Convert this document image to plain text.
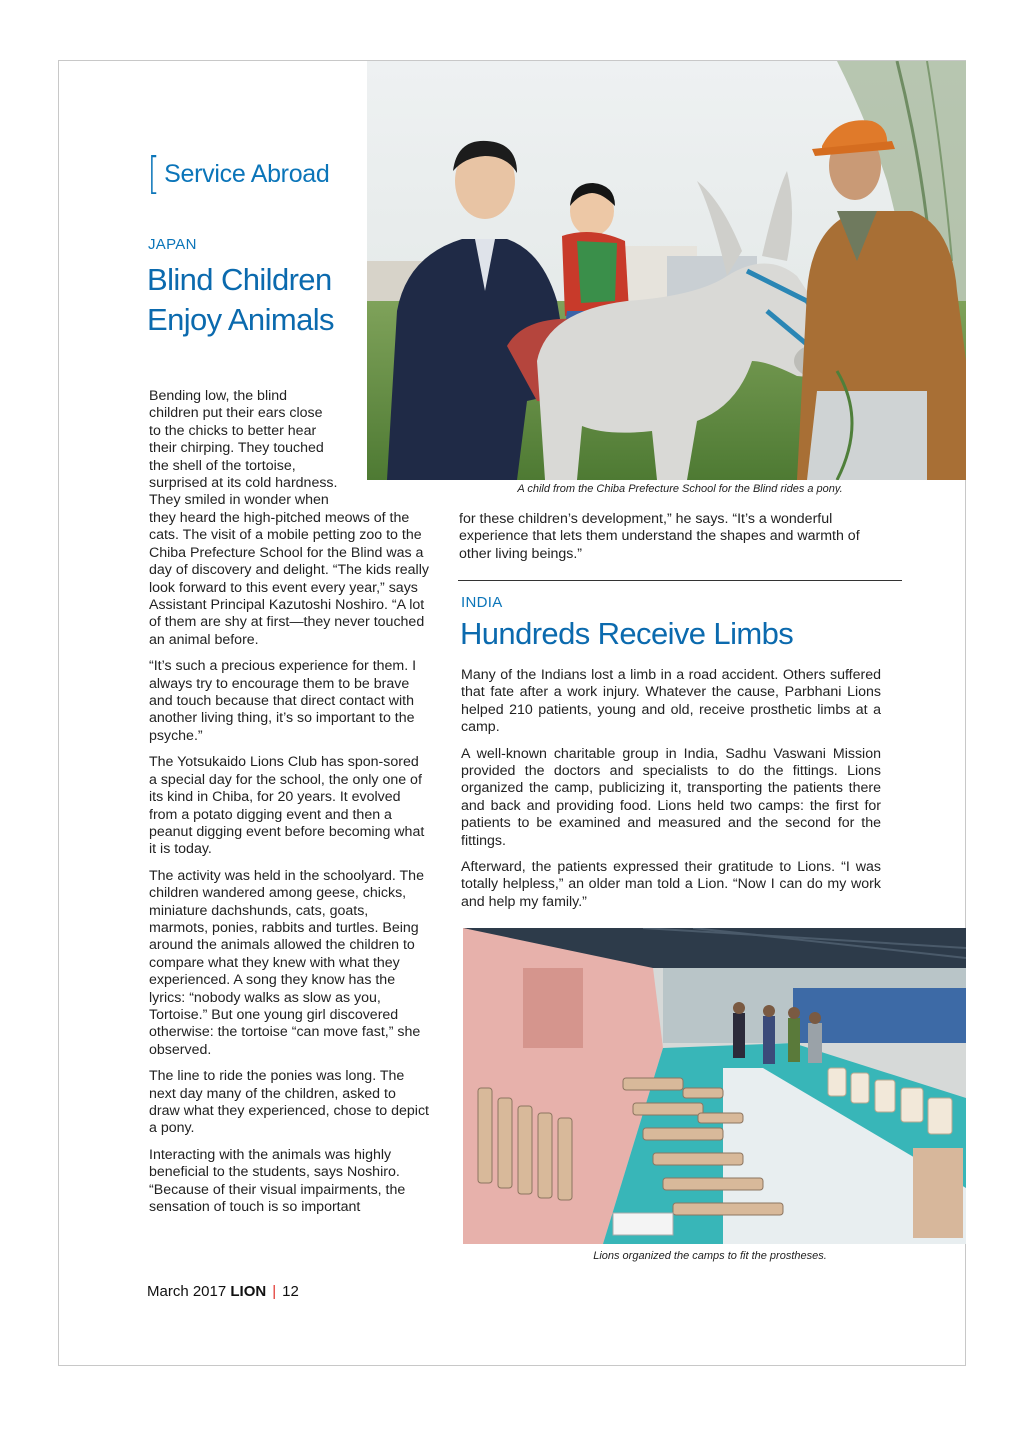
[ Service Abroad
JAPAN
Blind Children
Enjoy Animals
A child from the Chiba Prefecture School for the Blind rides a pony.
Bending low, the blind
children put their ears close
to the chicks to better hear
their chirping. They touched
the shell of the tortoise,
surprised at its cold hardness.
They smiled in wonder when

they heard the high-pitched meows of the cats. The visit of a mobile petting zoo to the Chiba Prefecture School for the Blind was a day of discovery and delight. “The kids really look forward to this event every year,” says Assistant Principal Kazutoshi Noshiro. “A lot of them are shy at first—they never touched an animal before.

“It’s such a precious experience for them. I always try to encourage them to be brave and touch because that direct contact with another living thing, it’s so important to the psyche.”

The Yotsukaido Lions Club has spon-sored a special day for the school, the only one of its kind in Chiba, for 20 years. It evolved from a potato digging event and then a peanut digging event before becoming what it is today.

The activity was held in the schoolyard. The children wandered among geese, chicks, miniature dachshunds, cats, goats, marmots, ponies, rabbits and turtles. Being around the animals allowed the children to compare what they knew with what they experienced. A song they know has the lyrics: “nobody walks as slow as you, Tortoise.” But one young girl discovered otherwise: the tortoise “can move fast,” she observed.

The line to ride the ponies was long. The next day many of the children, asked to draw what they experienced, chose to depict a pony.

Interacting with the animals was highly beneficial to the students, says Noshiro. “Because of their visual impairments, the sensation of touch is so important

for these children’s development,” he says. “It’s a wonderful experience that lets them understand the shapes and warmth of other living beings.”

INDIA
Hundreds Receive Limbs

Many of the Indians lost a limb in a road accident. Others suffered that fate after a work injury. Whatever the cause, Parbhani Lions helped 210 patients, young and old, receive prosthetic limbs at a camp.

A well-known charitable group in India, Sadhu Vaswani Mission provided the doctors and specialists to do the fittings. Lions organized the camp, publicizing it, transporting the patients there and back and providing food. Lions held two camps: the first for patients to be examined and measured and the second for the fittings.

Afterward, the patients expressed their gratitude to Lions. “I was totally helpless,” an older man told a Lion. “Now I can do my work and help my family.”

Lions organized the camps to fit the prostheses.
March 2017 LION | 12
